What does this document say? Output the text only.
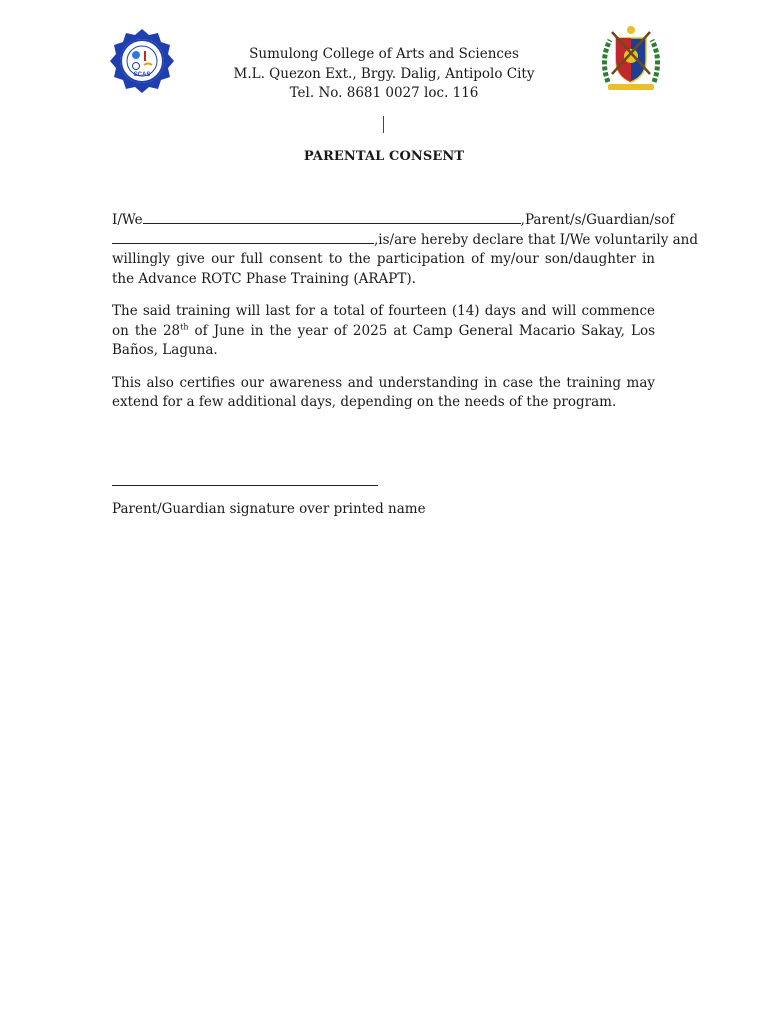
SCAS
Sumulong College of Arts and Sciences
M.L. Quezon Ext., Brgy. Dalig, Antipolo City
Tel. No. 8681 0027 loc. 116
PARENTAL CONSENT

I/We	, Parent/s/Guardian/s of
,is/are hereby declare that I/We voluntarily and
willingly give our full consent to the participation of my/our son/daughter in the Advance ROTC Phase Training (ARAPT).

The said training will last for a total of fourteen (14) days and will commence on the 28th of June in the year of 2025 at Camp General Macario Sakay, Los Baños, Laguna.

This also certifies our awareness and understanding in case the training may extend for a few additional days, depending on the needs of the program.

Parent/Guardian signature over printed name
